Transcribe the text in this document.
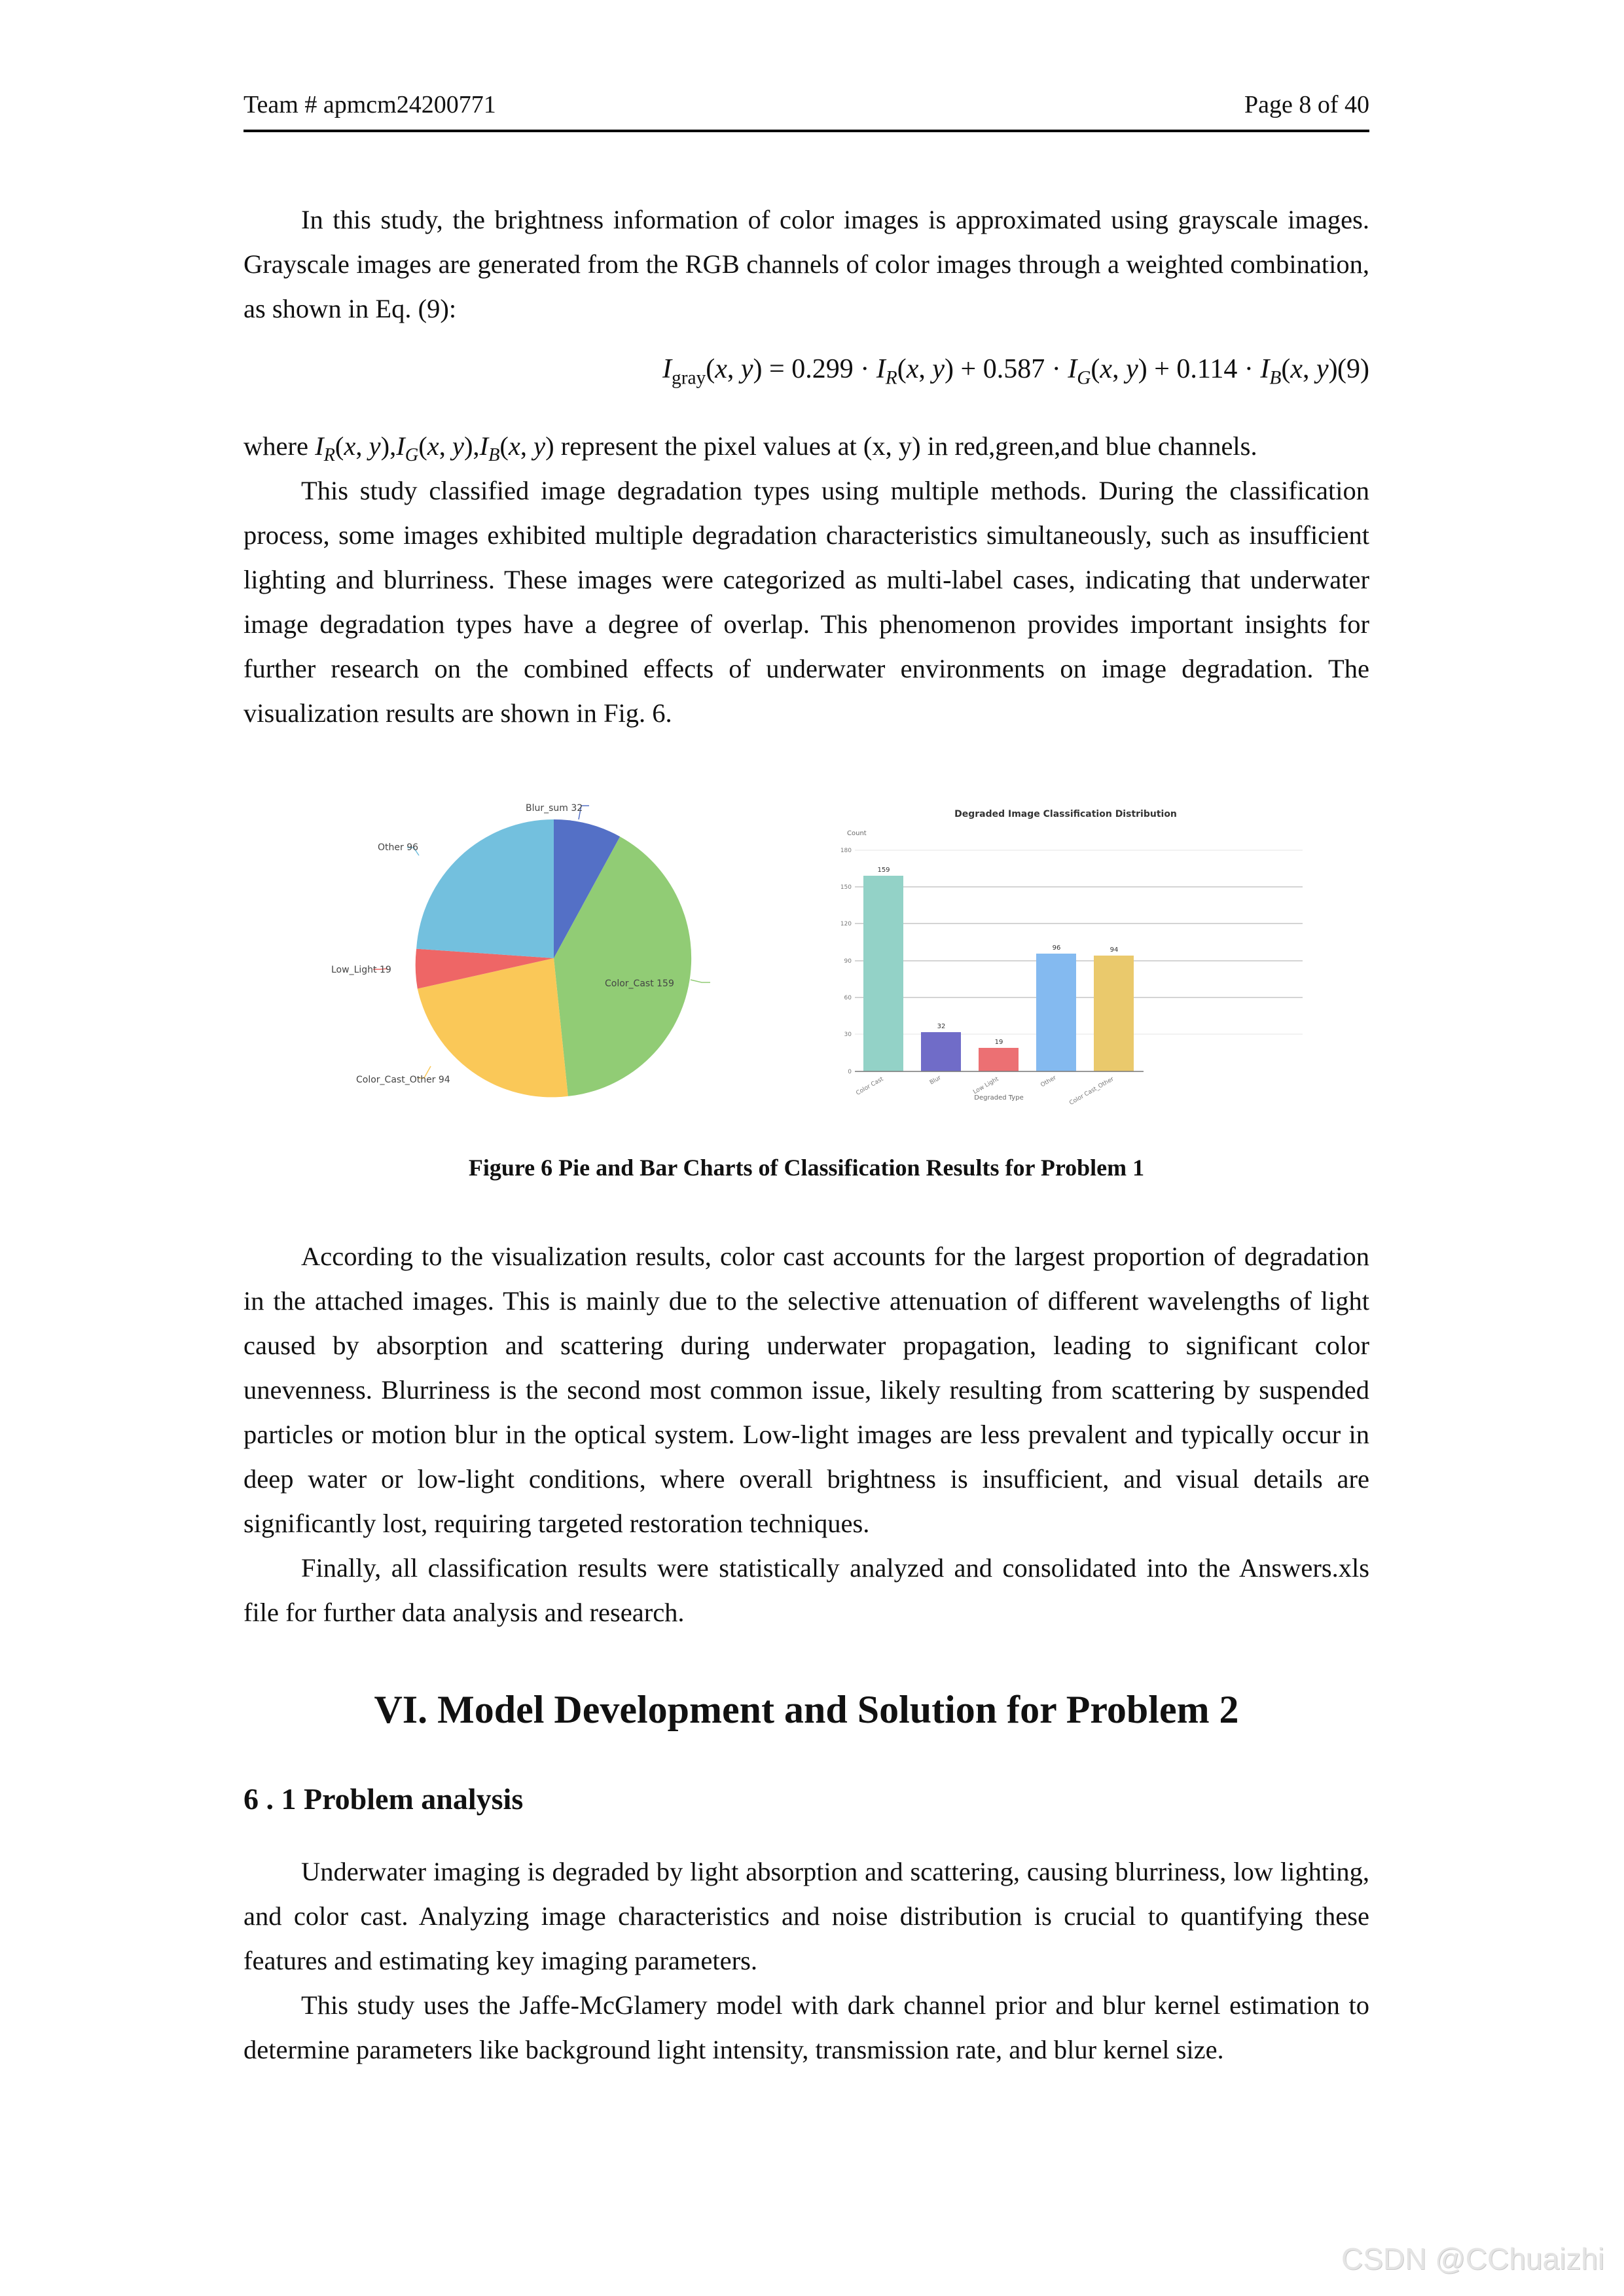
Team # apmcm24200771	Page 8 of 40
In this study, the brightness information of color images is approximated using grayscale images. Grayscale images are generated from the RGB channels of color images through a weighted combination, as shown in Eq. (9):
$I_{gray}(x$, $y) = 0.299 \cdot I_R(x$, $y) + 0.587 \cdot I_G(x$, $y) + 0.114 \cdot I_B(x$, y) (9)
where $I_R(x$, $y),I_G(x$, $y),I_B(x$, y) represent the pixel values at (x, y) in red,green,and blue channels.
This study classified image degradation types using multiple methods. During the classification process, some images exhibited multiple degradation characteristics simultaneously, such as insufficient lighting and blurriness. These images were categorized as multi-label cases, indicating that underwater image degradation types have a degree of overlap. This phenomenon provides important insights for further research on the combined effects of underwater environments on image degradation. The visualization results are shown in Fig. 6.
Blur_sum 32
Color_Cast 159
Color_Cast_Other 94
Low_Light 19
Other 96
Degraded Image Classification Distribution
Count
180
150
120
90
60
30
0
159
32
19
96	94
Color Cast	Blur	Low Light	Other Color Cast_Other
Degraded Type
Figure 6 Pie and Bar Charts of Classification Results for Problem 1
According to the visualization results, color cast accounts for the largest proportion of degradation in the attached images. This is mainly due to the selective attenuation of different wavelengths of light caused by absorption and scattering during underwater propagation, leading to significant color unevenness. Blurriness is the second most common issue, likely resulting from scattering by suspended particles or motion blur in the optical system. Low-light images are less prevalent and typically occur in deep water or low-light conditions, where overall brightness is insufficient, and visual details are significantly lost, requiring targeted restoration techniques.
Finally, all classification results were statistically analyzed and consolidated into the Answers.xls file for further data analysis and research.
VI. Model Development and Solution for Problem 2
6 . 1 Problem analysis
Underwater imaging is degraded by light absorption and scattering, causing blurriness, low lighting, and color cast. Analyzing image characteristics and noise distribution is crucial to quantifying these features and estimating key imaging parameters.
This study uses the Jaffe-McGlamery model with dark channel prior and blur kernel estimation to determine parameters like background light intensity, transmission rate, and blur kernel size.
CSDN @CChuaizhi
